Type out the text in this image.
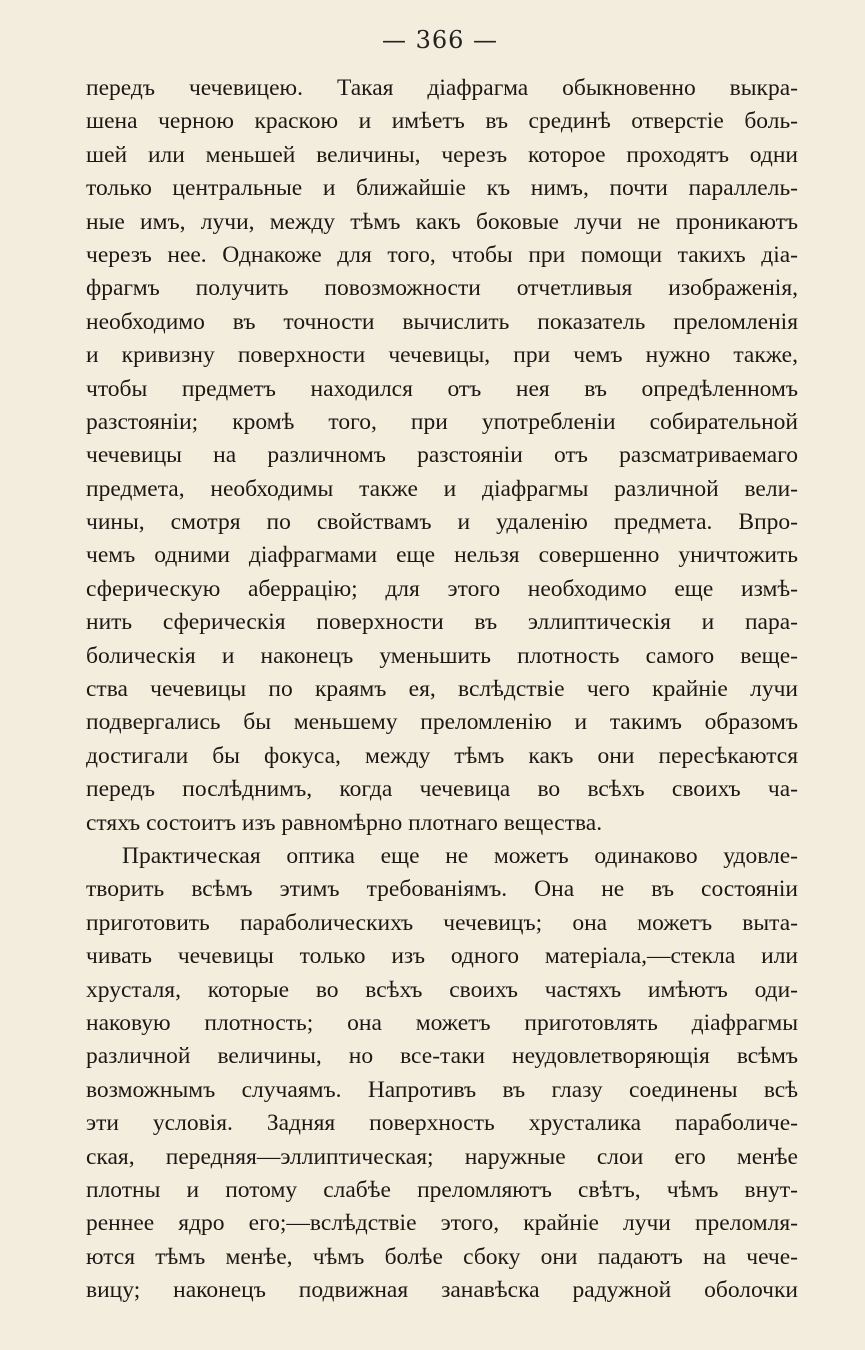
— 366 —
передъ чечевицею. Такая діафрагма обыкновенно выкра-
шена черною краскою и имѣетъ въ срединѣ отверстіе боль-
шей или меньшей величины, черезъ которое проходятъ одни
только центральные и ближайшіе къ нимъ, почти параллель-
ные имъ, лучи, между тѣмъ какъ боковые лучи не проникаютъ
черезъ нее. Однакоже для того, чтобы при помощи такихъ діа-
фрагмъ получить повозможности отчетливыя изображенія,
необходимо въ точности вычислить показатель преломленія
и кривизну поверхности чечевицы, при чемъ нужно также,
чтобы предметъ находился отъ нея въ опредѣленномъ
разстояніи; кромѣ того, при употребленіи собирательной
чечевицы на различномъ разстояніи отъ разсматриваемаго
предмета, необходимы также и діафрагмы различной вели-
чины, смотря по свойствамъ и удаленію предмета. Впро-
чемъ одними діафрагмами еще нельзя совершенно уничтожить
сферическую аберрацію; для этого необходимо еще измѣ-
нить сферическія поверхности въ эллиптическія и пара-
болическія и наконецъ уменьшить плотность самого веще-
ства чечевицы по краямъ ея, вслѣдствіе чего крайніе лучи
подвергались бы меньшему преломленію и такимъ образомъ
достигали бы фокуса, между тѣмъ какъ они пересѣкаются
передъ послѣднимъ, когда чечевица во всѣхъ своихъ ча-
стяхъ состоитъ изъ равномѣрно плотнаго вещества.
Практическая оптика еще не можетъ одинаково удовле-
творить всѣмъ этимъ требованіямъ. Она не въ состояніи
приготовить параболическихъ чечевицъ; она можетъ выта-
чивать чечевицы только изъ одного матеріала,—стекла или
хрусталя, которые во всѣхъ своихъ частяхъ имѣютъ оди-
наковую плотность; она можетъ приготовлять діафрагмы
различной величины, но все-таки неудовлетворяющія всѣмъ
возможнымъ случаямъ. Напротивъ въ глазу соединены всѣ
эти условія. Задняя поверхность хрусталика параболиче-
ская, передняя—эллиптическая; наружные слои его менѣе
плотны и потому слабѣе преломляютъ свѣтъ, чѣмъ внут-
реннее ядро его;—вслѣдствіе этого, крайніе лучи преломля-
ются тѣмъ менѣе, чѣмъ болѣе сбоку они падаютъ на чече-
вицу; наконецъ подвижная занавѣска радужной оболочки
